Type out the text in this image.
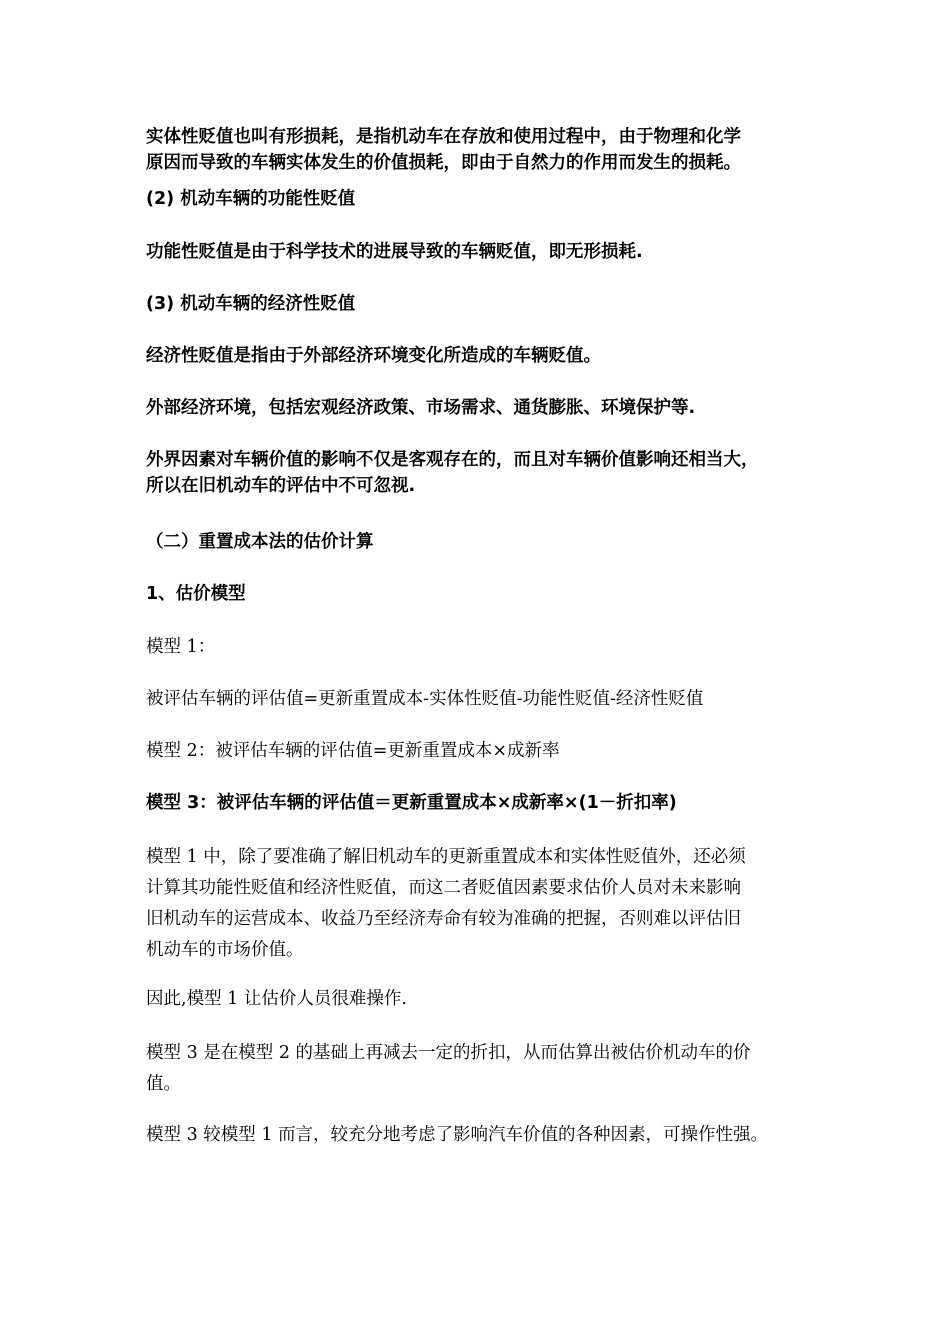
实体性贬值也叫有形损耗，是指机动车在存放和使用过程中，由于物理和化学
原因而导致的车辆实体发生的价值损耗，即由于自然力的作用而发生的损耗。

(2) 机动车辆的功能性贬值

功能性贬值是由于科学技术的进展导致的车辆贬值，即无形损耗.

(3) 机动车辆的经济性贬值

经济性贬值是指由于外部经济环境变化所造成的车辆贬值。

外部经济环境，包括宏观经济政策、市场需求、通货膨胀、环境保护等.

外界因素对车辆价值的影响不仅是客观存在的，而且对车辆价值影响还相当大，
所以在旧机动车的评估中不可忽视.

（二）重置成本法的估价计算

1、估价模型

模型 1：

被评估车辆的评估值=更新重置成本-实体性贬值-功能性贬值-经济性贬值

模型 2：被评估车辆的评估值=更新重置成本×成新率

模型 3：被评估车辆的评估值＝更新重置成本×成新率×(1－折扣率)

模型 1 中，除了要准确了解旧机动车的更新重置成本和实体性贬值外，还必须
计算其功能性贬值和经济性贬值，而这二者贬值因素要求估价人员对未来影响
旧机动车的运营成本、收益乃至经济寿命有较为准确的把握，否则难以评估旧
机动车的市场价值。

因此,模型 1 让估价人员很难操作.

模型 3 是在模型 2 的基础上再减去一定的折扣，从而估算出被估价机动车的价
值。

模型 3 较模型 1 而言，较充分地考虑了影响汽车价值的各种因素，可操作性强。
